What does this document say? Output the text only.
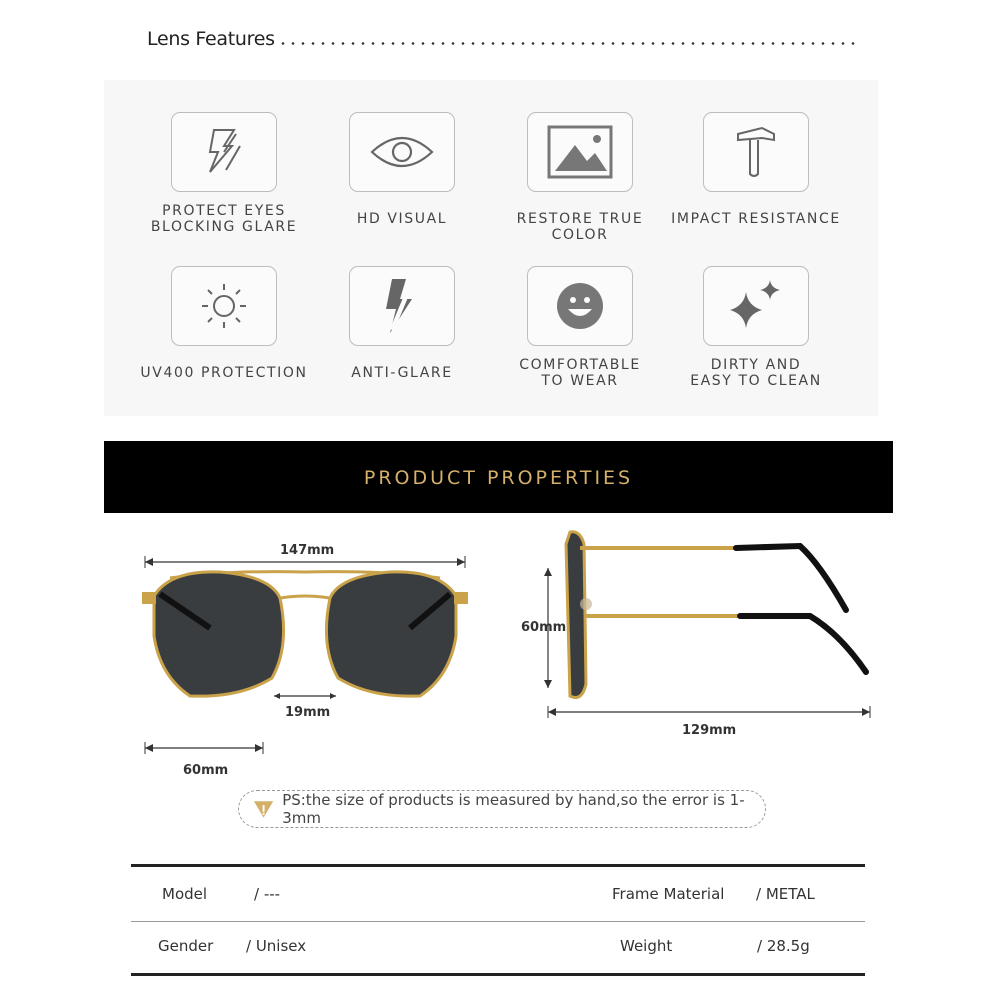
Lens Features
PROTECT EYES
BLOCKING GLARE	HD VISUAL	RESTORE TRUE COLOR
IMPACT RESISTANCE
UV400 PROTECTION	ANTI-GLARE	COMFORTABLE
TO WEAR
DIRTY AND
EASY TO CLEAN
PRODUCT PROPERTIES
147mm
19mm
60mm
60mm
129mm
PS:the size of products is measured by hand,so the error is 1-3mm
Model	/ ---	Frame Material / METAL
Gender / Unisex	Weight	/ 28.5g
